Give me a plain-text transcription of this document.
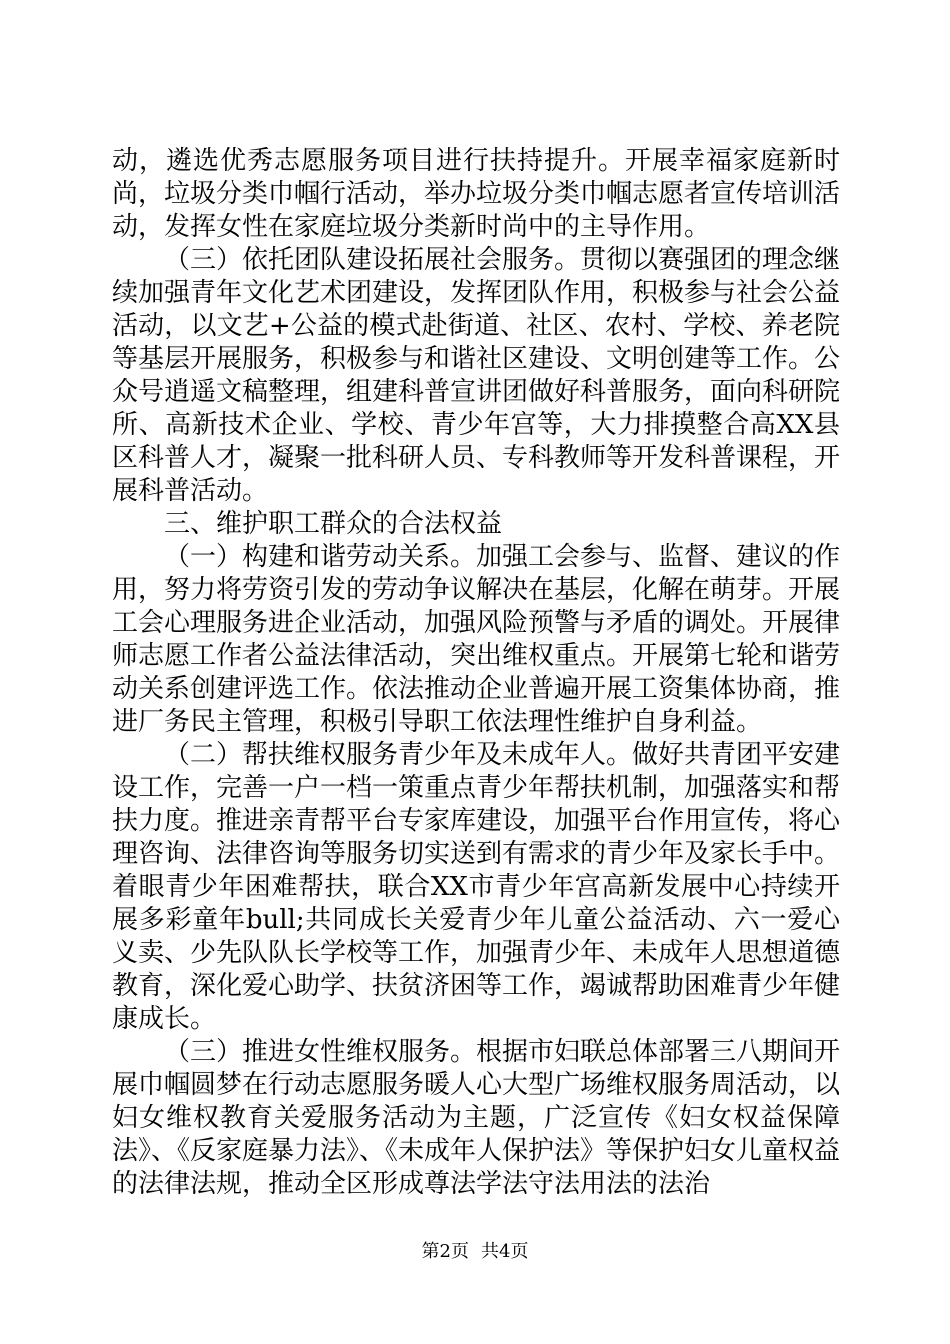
动，遴选优秀志愿服务项目进行扶持提升。开展幸福家庭新时尚，垃圾分类巾帼行活动，举办垃圾分类巾帼志愿者宣传培训活动，发挥女性在家庭垃圾分类新时尚中的主导作用。

（三）依托团队建设拓展社会服务。贯彻以赛强团的理念继续加强青年文化艺术团建设，发挥团队作用，积极参与社会公益活动，以文艺+公益的模式赴街道、社区、农村、学校、养老院等基层开展服务，积极参与和谐社区建设、文明创建等工作。公众号逍遥文稿整理，组建科普宣讲团做好科普服务，面向科研院所、高新技术企业、学校、青少年宫等，大力排摸整合高XX县区科普人才，凝聚一批科研人员、专科教师等开发科普课程，开展科普活动。

三、维护职工群众的合法权益

（一）构建和谐劳动关系。加强工会参与、监督、建议的作用，努力将劳资引发的劳动争议解决在基层，化解在萌芽。开展工会心理服务进企业活动，加强风险预警与矛盾的调处。开展律师志愿工作者公益法律活动，突出维权重点。开展第七轮和谐劳动关系创建评选工作。依法推动企业普遍开展工资集体协商，推进厂务民主管理，积极引导职工依法理性维护自身利益。

（二）帮扶维权服务青少年及未成年人。做好共青团平安建设工作，完善一户一档一策重点青少年帮扶机制，加强落实和帮扶力度。推进亲青帮平台专家库建设，加强平台作用宣传，将心理咨询、法律咨询等服务切实送到有需求的青少年及家长手中。着眼青少年困难帮扶，联合XX市青少年宫高新发展中心持续开展多彩童年bull;共同成长关爱青少年儿童公益活动、六一爱心义卖、少先队队长学校等工作，加强青少年、未成年人思想道德教育，深化爱心助学、扶贫济困等工作，竭诚帮助困难青少年健康成长。

（三）推进女性维权服务。根据市妇联总体部署三八期间开展巾帼圆梦在行动志愿服务暖人心大型广场维权服务周活动，以妇女维权教育关爱服务活动为主题，广泛宣传《妇女权益保障法》、《反家庭暴力法》、《未成年人保护法》等保护妇女儿童权益的法律法规，推动全区形成尊法学法守法用法的法治

第2页 共4页
